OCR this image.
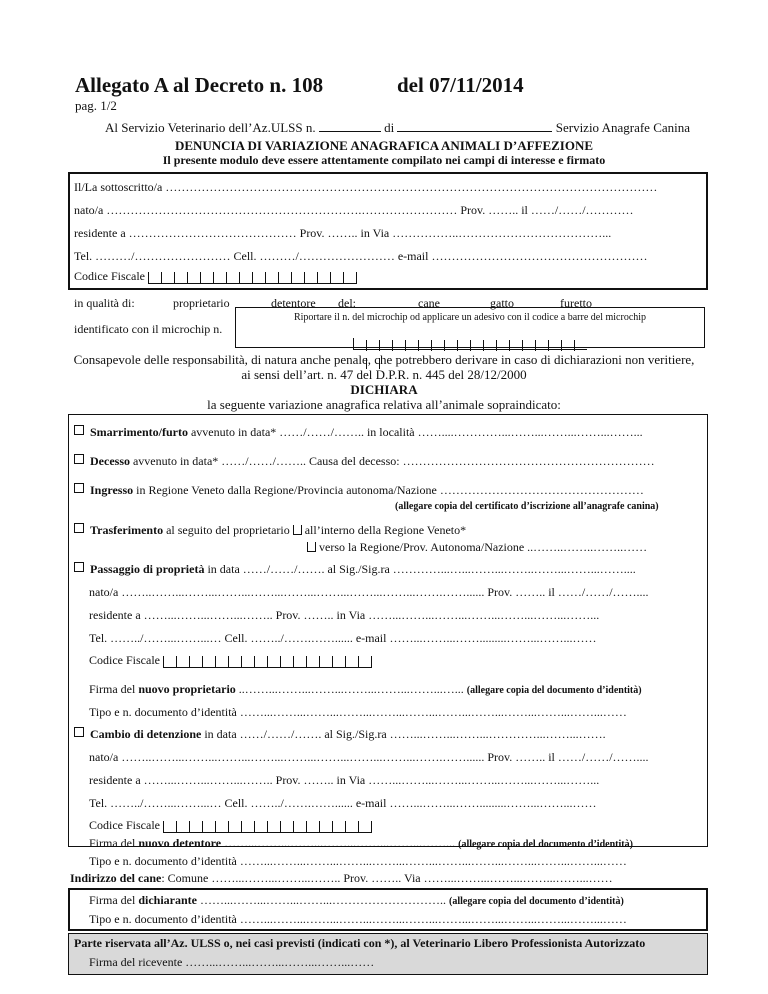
Allegato A al Decreto n. 108	del 07/11/2014
pag. 1/2
Al Servizio Veterinario dell’Az.ULSS n.	di	Servizio Anagrafe Canina
DENUNCIA DI VARIAZIONE ANAGRAFICA ANIMALI D’AFFEZIONE
Il presente modulo deve essere attentamente compilato nei campi di interesse e firmato
Il/La sottoscritto/a ……………………………………………………………………………………………………………
nato/a ……………………………………………………….…………………… Prov. …….. il ……/……/…………
residente a …………………………………… Prov. …….. in Via ……………..………………………………...
Tel. ………/…………………… Cell. ………/…………………… e-mail ………………………………………………
Codice Fiscale
in qualità di:	proprietario	detentore del:	cane	gatto	furetto
identificato con il microchip n.
Riportare il n. del microchip od applicare un adesivo con il codice a barre del microchip
Consapevole delle responsabilità, di natura anche penale, che potrebbero derivare in caso di dichiarazioni non veritiere,
ai sensi dell’art. n. 47 del D.P.R. n. 445 del 28/12/2000
DICHIARA
la seguente variazione anagrafica relativa all’animale sopraindicato:
Smarrimento/furto avvenuto in data* ……/……/…….. in località ……....…………...……...……...……...……...
Decesso avvenuto in data* ……/……/…….. Causa del decesso: ………………………………………………………
Ingresso in Regione Veneto dalla Regione/Provincia autonoma/Nazione ……………………………………………
(allegare copia del certificato d’iscrizione all’anagrafe canina)
Trasferimento al seguito del proprietario all’interno della Regione Veneto*
verso la Regione/Prov. Autonoma/Nazione ..……..……..……..……
Passaggio di proprietà in data ……/……/……. al Sig./Sig.ra …………...…...……...……..……...……...……....
nato/a ……..……...……...……...……...……...……...……...……...…….……...... Prov. …….. il ……/……/……....
residente a ……...……...……...…….. Prov. …….. in Via ……...……...……...……...……...……...……...
Tel. ……../……...……...… Cell. ……../…….……...... e-mail ……...……...…….........……...……...……
Codice Fiscale
Firma del nuovo proprietario ..……...……...……...……...……...……...…... (allegare copia del documento d’identità)
Tipo e n. documento d’identità ……...……...……...……...……...……...……...……...……...……...……...……
Cambio di detenzione in data ……/……/……. al Sig./Sig.ra ……...……...……...…………...……...…….
nato/a ……..……...……...……...……...……...……...……...……...…….……...... Prov. …….. il ……/……/……....
residente a ……...……...……...…….. Prov. …….. in Via ……...……...……...……...……...……...……...
Tel. ……../……...……...… Cell. ……../…….……...... e-mail ……...……...…….........……...……...……
Codice Fiscale
Firma del nuovo detentore ……...……...……...……...……...……...……... (allegare copia del documento d’identità)
Tipo e n. documento d’identità ……...……...……...……...……...……...……...……...……...……...……...……
Indirizzo del cane: Comune ……...……...……...…….. Prov. …….. Via ……...……...……...……...……...……
Firma del dichiarante ……...……...……...……...……………………….. (allegare copia del documento d’identità)
Tipo e n. documento d’identità ……...……...……...……...……...……...……...……...……...……...……...……
Parte riservata all’Az. ULSS o, nei casi previsti (indicati con *), al Veterinario Libero Professionista Autorizzato
Firma del ricevente ……...……...……...……...……...……
